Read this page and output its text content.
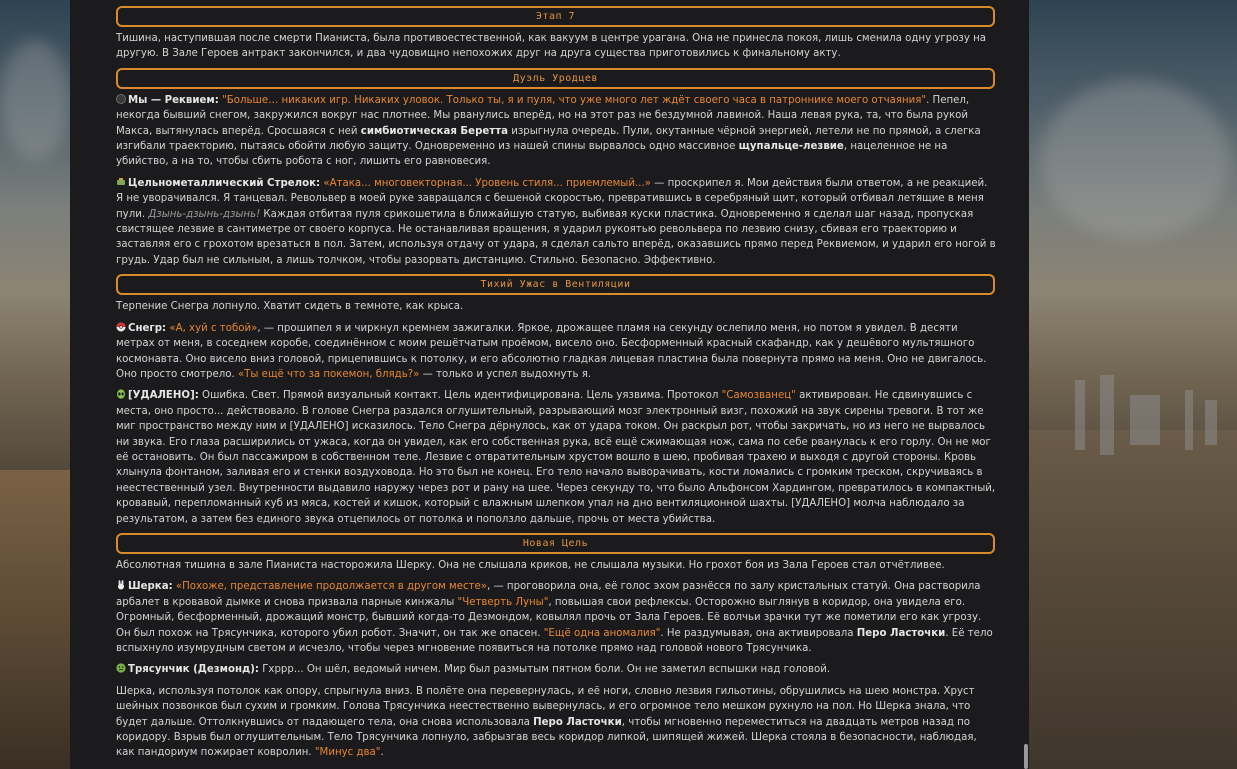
Этап 7

Тишина, наступившая после смерти Пианиста, была противоестественной, как вакуум в центре урагана. Она не принесла покоя, лишь сменила одну угрозу на другую. В Зале Героев антракт закончился, и два чудовищно непохожих друг на друга существа приготовились к финальному акту.

Дуэль Уродцев

Мы — Реквием: "Больше… никаких игр. Никаких уловок. Только ты, я и пуля, что уже много лет ждёт своего часа в патроннике моего отчаяния". Пепел, некогда бывший снегом, закружился вокруг нас плотнее. Мы рванулись вперёд, но на этот раз не бездумной лавиной. Наша левая рука, та, что была рукой Макса, вытянулась вперёд. Сросшаяся с ней симбиотическая Беретта изрыгнула очередь. Пули, окутанные чёрной энергией, летели не по прямой, а слегка изгибали траекторию, пытаясь обойти любую защиту. Одновременно из нашей спины вырвалось одно массивное щупальце-лезвие, нацеленное не на убийство, а на то, чтобы сбить робота с ног, лишить его равновесия.

Цельнометаллический Стрелок: «Атака... многовекторная... Уровень стиля... приемлемый...» — проскрипел я. Мои действия были ответом, а не реакцией. Я не уворачивался. Я танцевал. Револьвер в моей руке завращался с бешеной скоростью, превратившись в серебряный щит, который отбивал летящие в меня пули. Дзынь-дзынь-дзынь! Каждая отбитая пуля срикошетила в ближайшую статую, выбивая куски пластика. Одновременно я сделал шаг назад, пропуская свистящее лезвие в сантиметре от своего корпуса. Не останавливая вращения, я ударил рукоятью револьвера по лезвию снизу, сбивая его траекторию и заставляя его с грохотом врезаться в пол. Затем, используя отдачу от удара, я сделал сальто вперёд, оказавшись прямо перед Реквиемом, и ударил его ногой в грудь. Удар был не сильным, а лишь толчком, чтобы разорвать дистанцию. Стильно. Безопасно. Эффективно.

Тихий Ужас в Вентиляции

Терпение Снегра лопнуло. Хватит сидеть в темноте, как крыса.

Снегр: «А, хуй с тобой», — прошипел я и чиркнул кремнем зажигалки. Яркое, дрожащее пламя на секунду ослепило меня, но потом я увидел. В десяти метрах от меня, в соседнем коробе, соединённом с моим решётчатым проёмом, висело оно. Бесформенный красный скафандр, как у дешёвого мультяшного космонавта. Оно висело вниз головой, прицепившись к потолку, и его абсолютно гладкая лицевая пластина была повернута прямо на меня. Оно не двигалось. Оно просто смотрело. «Ты ещё что за покемон, блядь?» — только и успел выдохнуть я.

[УДАЛЕНО]: Ошибка. Свет. Прямой визуальный контакт. Цель идентифицирована. Цель уязвима. Протокол "Самозванец" активирован. Не сдвинувшись с места, оно просто... действовало. В голове Снегра раздался оглушительный, разрывающий мозг электронный визг, похожий на звук сирены тревоги. В тот же миг пространство между ним и [УДАЛЕНО] исказилось. Тело Снегра дёрнулось, как от удара током. Он раскрыл рот, чтобы закричать, но из него не вырвалось ни звука. Его глаза расширились от ужаса, когда он увидел, как его собственная рука, всё ещё сжимающая нож, сама по себе рванулась к его горлу. Он не мог её остановить. Он был пассажиром в собственном теле. Лезвие с отвратительным хрустом вошло в шею, пробивая трахею и выходя с другой стороны. Кровь хлынула фонтаном, заливая его и стенки воздуховода. Но это был не конец. Его тело начало выворачивать, кости ломались с громким треском, скручиваясь в неестественный узел. Внутренности выдавило наружу через рот и рану на шее. Через секунду то, что было Альфонсом Хардингом, превратилось в компактный, кровавый, перепломанный куб из мяса, костей и кишок, который с влажным шлепком упал на дно вентиляционной шахты. [УДАЛЕНО] молча наблюдало за результатом, а затем без единого звука отцепилось от потолка и поползло дальше, прочь от места убийства.

Новая Цель

Абсолютная тишина в зале Пианиста насторожила Шерку. Она не слышала криков, не слышала музыки. Но грохот боя из Зала Героев стал отчётливее.

Шерка: «Похоже, представление продолжается в другом месте», — проговорила она, её голос эхом разнёсся по залу кристальных статуй. Она растворила арбалет в кровавой дымке и снова призвала парные кинжалы "Четверть Луны", повышая свои рефлексы. Осторожно выглянув в коридор, она увидела его. Огромный, бесформенный, дрожащий монстр, бывший когда-то Дезмондом, ковылял прочь от Зала Героев. Её волчьи зрачки тут же пометили его как угрозу. Он был похож на Трясунчика, которого убил робот. Значит, он так же опасен. "Ещё одна аномалия". Не раздумывая, она активировала Перо Ласточки. Её тело вспыхнуло изумрудным светом и исчезло, чтобы через мгновение появиться на потолке прямо над головой нового Трясунчика.

Трясунчик (Дезмонд): Гхррр... Он шёл, ведомый ничем. Мир был размытым пятном боли. Он не заметил вспышки над головой.

Шерка, используя потолок как опору, спрыгнула вниз. В полёте она перевернулась, и её ноги, словно лезвия гильотины, обрушились на шею монстра. Хруст шейных позвонков был сухим и громким. Голова Трясунчика неестественно вывернулась, и его огромное тело мешком рухнуло на пол. Но Шерка знала, что будет дальше. Оттолкнувшись от падающего тела, она снова использовала Перо Ласточки, чтобы мгновенно переместиться на двадцать метров назад по коридору. Взрыв был оглушительным. Тело Трясунчика лопнуло, забрызгав весь коридор липкой, шипящей жижей. Шерка стояла в безопасности, наблюдая, как пандориум пожирает ковролин. "Минус два".
